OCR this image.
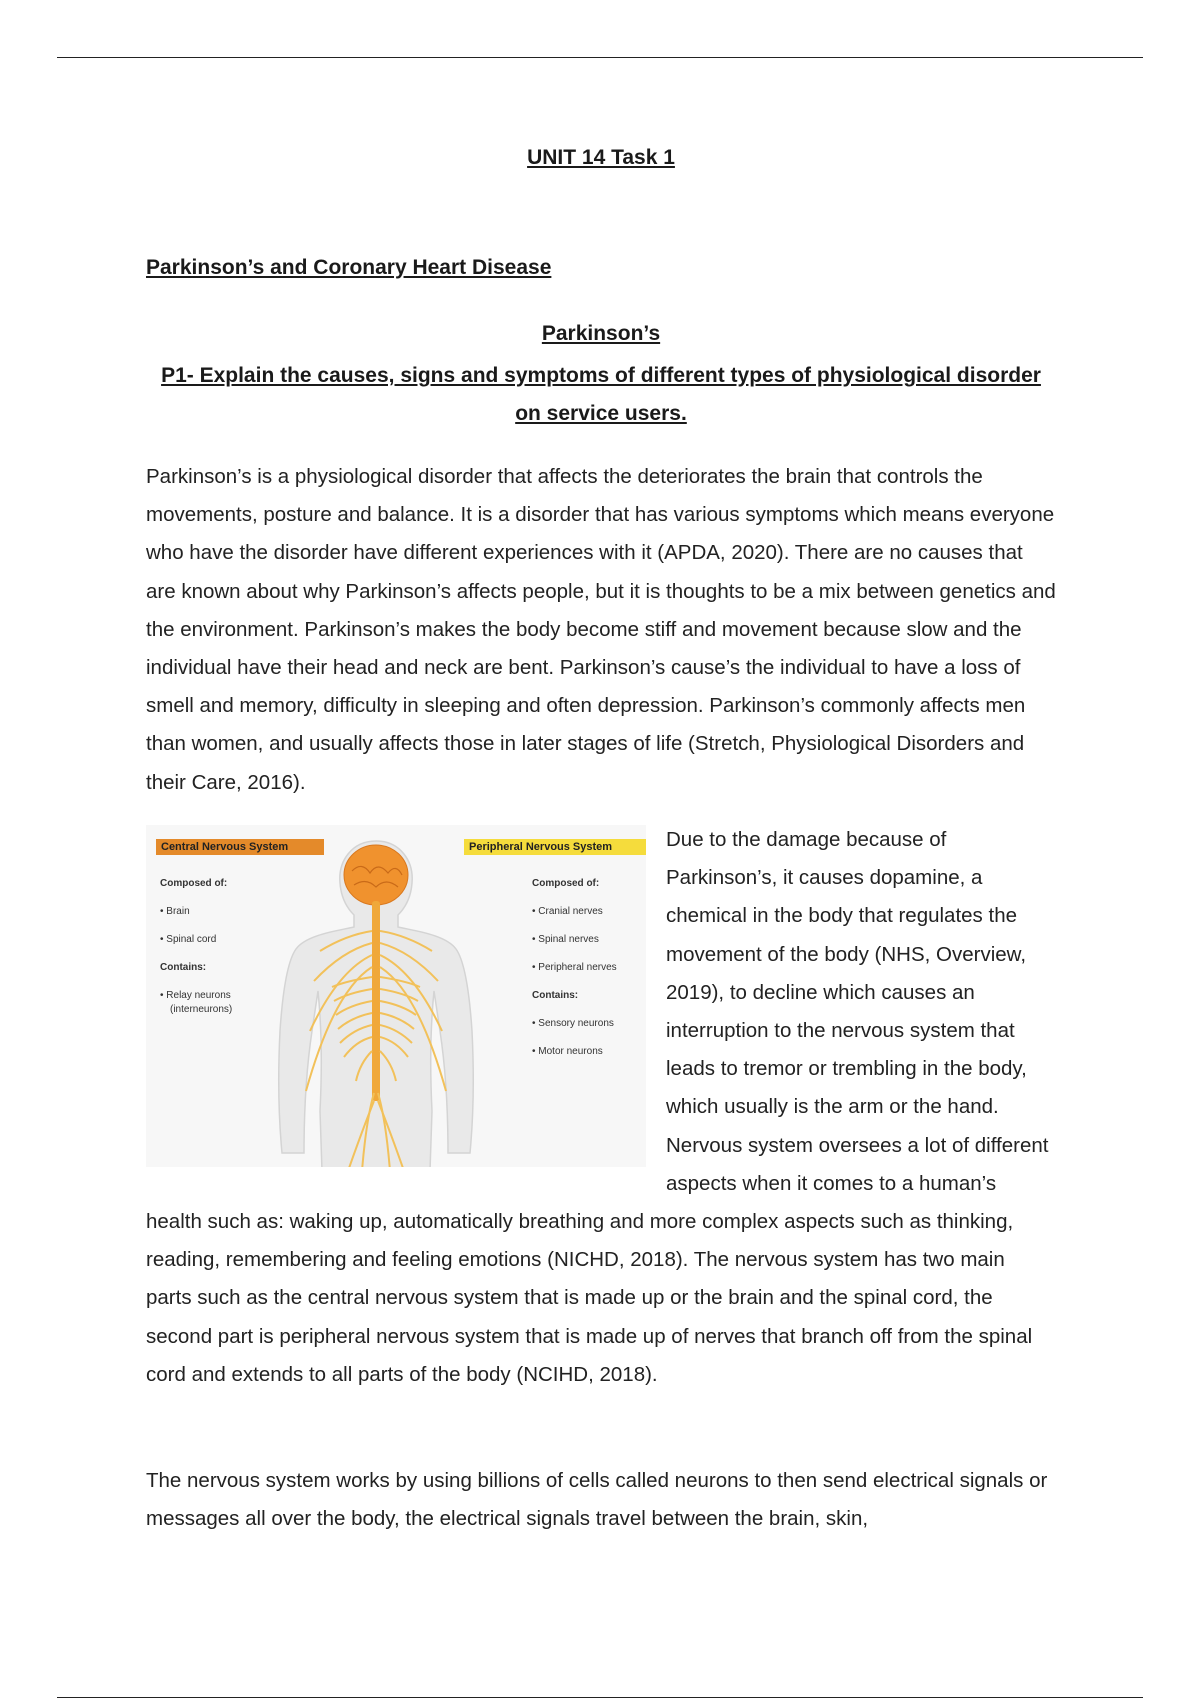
UNIT 14 Task 1
Parkinson’s and Coronary Heart Disease
Parkinson’s
P1- Explain the causes, signs and symptoms of different types of physiological disorder on service users.

Parkinson’s is a physiological disorder that affects the deteriorates the brain that controls the movements, posture and balance. It is a disorder that has various symptoms which means everyone who have the disorder have different experiences with it (APDA, 2020). There are no causes that are known about why Parkinson’s affects people, but it is thoughts to be a mix between genetics and the environment. Parkinson’s makes the body become stiff and movement because slow and the individual have their head and neck are bent. Parkinson’s cause’s the individual to have a loss of smell and memory, difficulty in sleeping and often depression. Parkinson’s commonly affects men than women, and usually affects those in later stages of life (Stretch, Physiological Disorders and their Care, 2016).

Central Nervous System
Composed of:
• Brain
• Spinal cord
Contains:
• Relay neurons
(interneurons)
Peripheral Nervous System
Composed of:
• Cranial nerves
• Spinal nerves
• Peripheral nerves
Contains:
• Sensory neurons
• Motor neurons

Due to the damage because of Parkinson’s, it causes dopamine, a chemical in the body that regulates the movement of the body (NHS, Overview, 2019), to decline which causes an interruption to the nervous system that leads to tremor or trembling in the body, which usually is the arm or the hand. Nervous system oversees a lot of different aspects when it comes to a human’s health such as: waking up, automatically breathing and more complex aspects such as thinking, reading, remembering and feeling emotions (NICHD, 2018). The nervous system has two main parts such as the central nervous system that is made up or the brain and the spinal cord, the second part is peripheral nervous system that is made up of nerves that branch off from the spinal cord and extends to all parts of the body (NCIHD, 2018).

The nervous system works by using billions of cells called neurons to then send electrical signals or messages all over the body, the electrical signals travel between the brain, skin,
